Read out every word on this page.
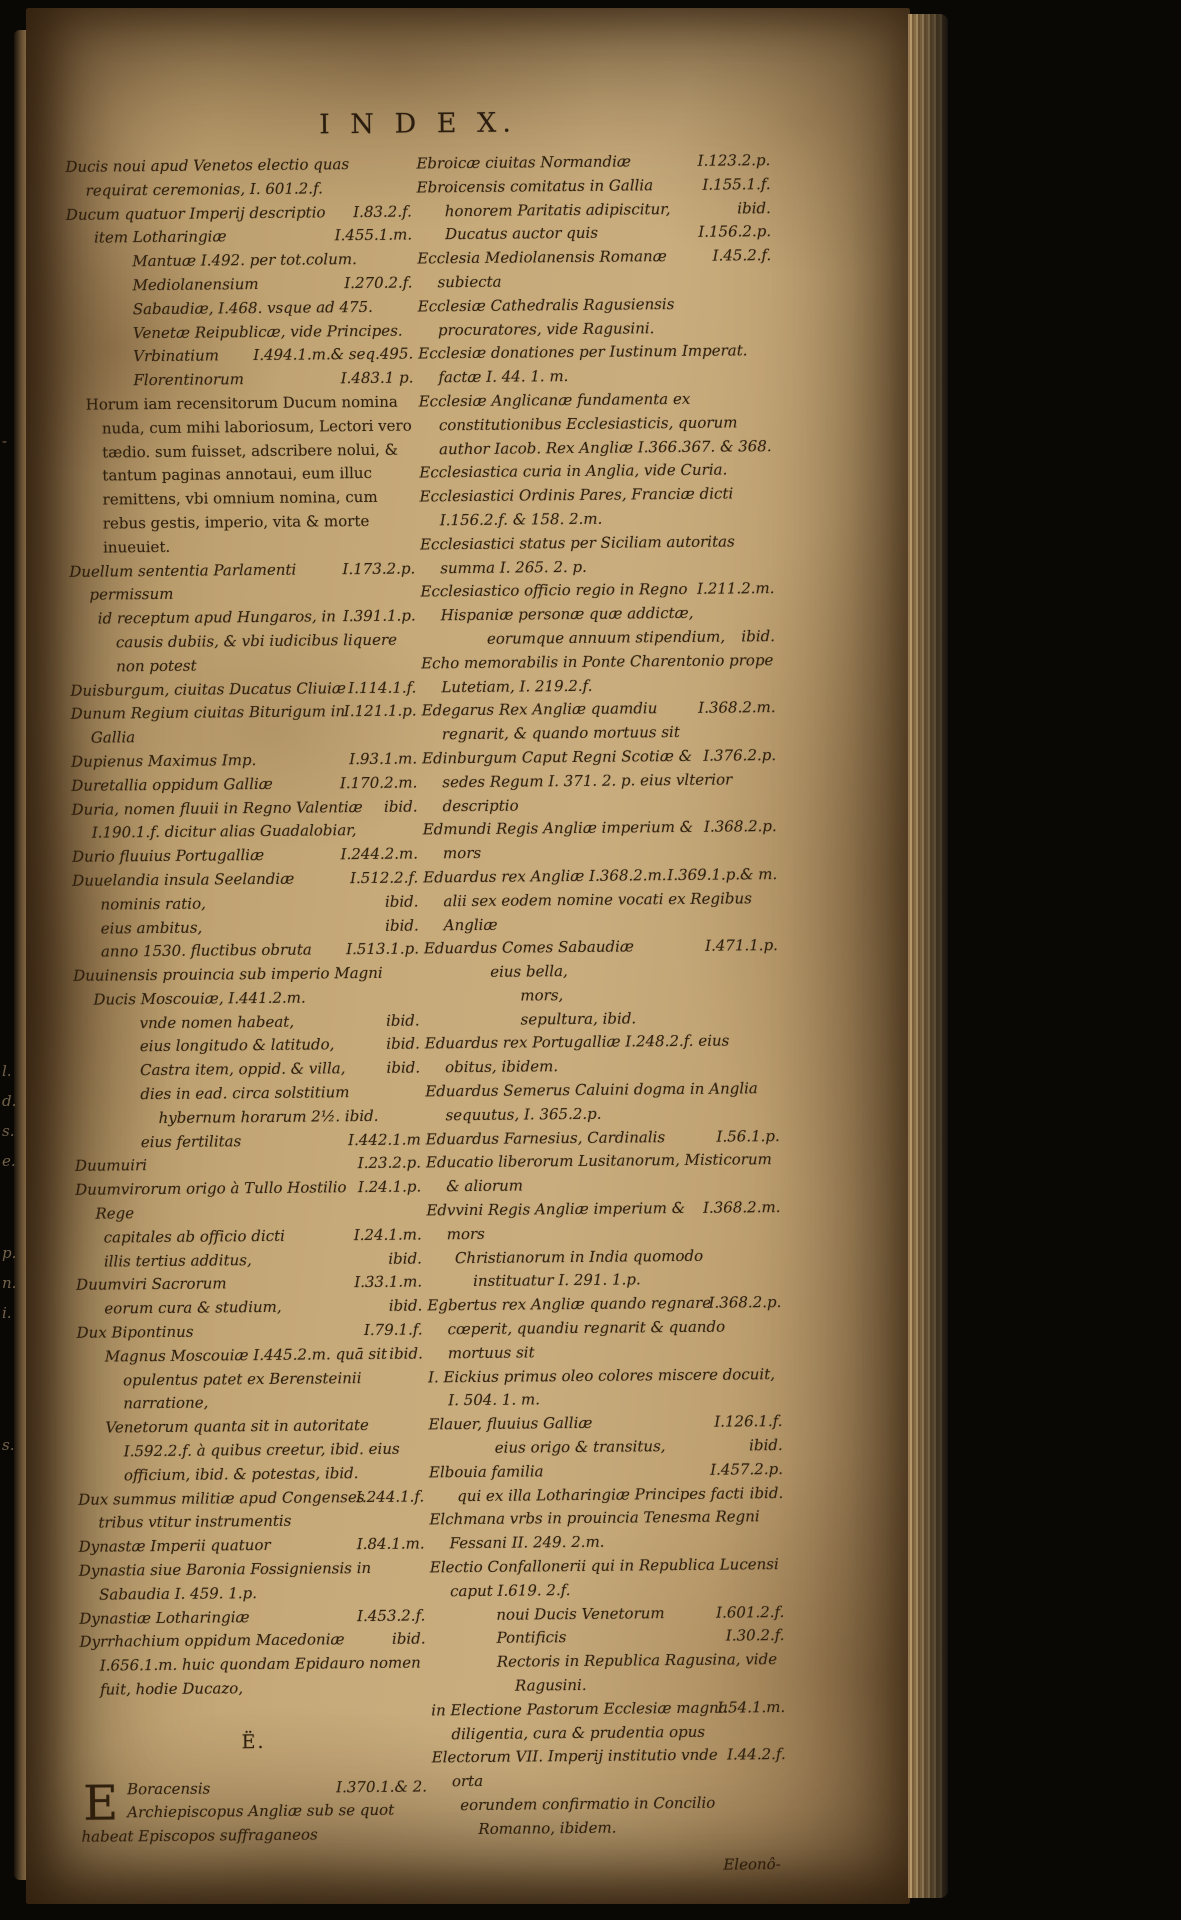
-
l.
d.
s.
e.
p.
n.
i.
s.
I N D E X.
Ducis noui apud Venetos electio quas requirat ceremonias, I. 601.2.f.
I.83.2.f.
Ducum quatuor Imperij descriptio
I.455.1.m.
item Lotharingiæ
Mantuæ I.492. per tot.colum.
I.270.2.f.
Mediolanensium
Sabaudiæ, I.468. vsque ad 475.
Venetæ Reipublicæ, vide Principes.
I.494.1.m.& seq.495.
Vrbinatium
I.483.1 p.
Florentinorum
Horum iam recensitorum Ducum nomina nuda, cum mihi laboriosum, Lectori vero tædio. sum fuisset, adscribere nolui, & tantum paginas annotaui, eum illuc remittens, vbi omnium nomina, cum rebus gestis, imperio, vita & morte inueuiet.
I.173.2.p.
Duellum sententia Parlamenti permissum
I.391.1.p.
id receptum apud Hungaros, in causis dubiis, & vbi iudicibus liquere non potest
I.114.1.f.
Duisburgum, ciuitas Ducatus Cliuiæ
I.121.1.p.
Dunum Regium ciuitas Biturigum in Gallia
I.93.1.m.
Dupienus Maximus Imp.
I.170.2.m.
Duretallia oppidum Galliæ
ibid.
Duria, nomen fluuii in Regno Valentiæ I.190.1.f. dicitur alias Guadalobiar,
I.244.2.m.
Durio fluuius Portugalliæ
I.512.2.f.
Duuelandia insula Seelandiæ
ibid.
nominis ratio,
ibid.
eius ambitus,
I.513.1.p.
anno 1530. fluctibus obruta
Duuinensis prouincia sub imperio Magni Ducis Moscouiæ, I.441.2.m.
ibid.
vnde nomen habeat,
ibid.
eius longitudo & latitudo,
ibid.
Castra item, oppid. & villa,
dies in ead. circa solstitium hybernum horarum 2½. ibid.
I.442.1.m
eius fertilitas
I.23.2.p.
Duumuiri
I.24.1.p.
Duumvirorum origo à Tullo Hostilio Rege
I.24.1.m.
capitales ab officio dicti
ibid.
illis tertius additus,
I.33.1.m.
Duumviri Sacrorum
ibid.
eorum cura & studium,
I.79.1.f.
Dux Bipontinus
ibid.
Magnus Moscouiæ I.445.2.m. quā sit opulentus patet ex Berensteinii narratione,
Venetorum quanta sit in autoritate I.592.2.f. à quibus creetur, ibid. eius officium, ibid. & potestas, ibid.
I.244.1.f.
Dux summus militiæ apud Congenses tribus vtitur instrumentis
I.84.1.m.
Dynastæ Imperii quatuor
Dynastia siue Baronia Fossigniensis in Sabaudia I. 459. 1.p.
I.453.2.f.
Dynastiæ Lotharingiæ
ibid.
Dyrrhachium oppidum Macedoniæ I.656.1.m. huic quondam Epidauro nomen fuit, hodie Ducazo,
Ë.
I.370.1.& 2.
E Boracensis Archiepiscopus Angliæ sub se quot habeat Episcopos suffraganeos
I.123.2.p.
Ebroicæ ciuitas Normandiæ
I.155.1.f.
Ebroicensis comitatus in Gallia
ibid.
honorem Paritatis adipiscitur,
I.156.2.p.
Ducatus auctor quis
I.45.2.f.
Ecclesia Mediolanensis Romanæ subiecta
Ecclesiæ Cathedralis Ragusiensis procuratores, vide Ragusini.
Ecclesiæ donationes per Iustinum Imperat. factæ I. 44. 1. m.
Ecclesiæ Anglicanæ fundamenta ex constitutionibus Ecclesiasticis, quorum author Iacob. Rex Angliæ I.366.367. & 368.
Ecclesiastica curia in Anglia, vide Curia.
Ecclesiastici Ordinis Pares, Franciæ dicti I.156.2.f. & 158. 2.m.
Ecclesiastici status per Siciliam autoritas summa I. 265. 2. p.
I.211.2.m.
Ecclesiastico officio regio in Regno Hispaniæ personæ quæ addictæ,
ibid.
eorumque annuum stipendium,
Echo memorabilis in Ponte Charentonio prope Lutetiam, I. 219.2.f.
I.368.2.m.
Edegarus Rex Angliæ quamdiu regnarit, & quando mortuus sit
I.376.2.p.
Edinburgum Caput Regni Scotiæ & sedes Regum I. 371. 2. p. eius vlterior descriptio
I.368.2.p.
Edmundi Regis Angliæ imperium & mors
I.369.1.p.& m.
Eduardus rex Angliæ I.368.2.m. alii sex eodem nomine vocati ex Regibus Angliæ
I.471.1.p.
Eduardus Comes Sabaudiæ
eius bella,
mors,
sepultura, ibid.
Eduardus rex Portugalliæ I.248.2.f. eius obitus, ibidem.
Eduardus Semerus Caluini dogma in Anglia sequutus, I. 365.2.p.
I.56.1.p.
Eduardus Farnesius, Cardinalis
Educatio liberorum Lusitanorum, Misticorum & aliorum
I.368.2.m.
Edvvini Regis Angliæ imperium & mors
Christianorum in India quomodo instituatur I. 291. 1.p.
I.368.2.p.
Egbertus rex Angliæ quando regnare cœperit, quandiu regnarit & quando mortuus sit
I. Eickius primus oleo colores miscere docuit, I. 504. 1. m.
I.126.1.f.
Elauer, fluuius Galliæ
ibid.
eius origo & transitus,
I.457.2.p.
Elbouia familia
ibid.
qui ex illa Lotharingiæ Principes facti
Elchmana vrbs in prouincia Tenesma Regni Fessani II. 249. 2.m.
Electio Confallonerii qui in Republica Lucensi caput I.619. 2.f.
I.601.2.f.
noui Ducis Venetorum
I.30.2.f.
Pontificis
Rectoris in Republica Ragusina, vide Ragusini.
I.54.1.m.
in Electione Pastorum Ecclesiæ magna diligentia, cura & prudentia opus
I.44.2.f.
Electorum VII. Imperij institutio vnde orta
eorundem confirmatio in Concilio Romanno, ibidem.
Eleonô-
